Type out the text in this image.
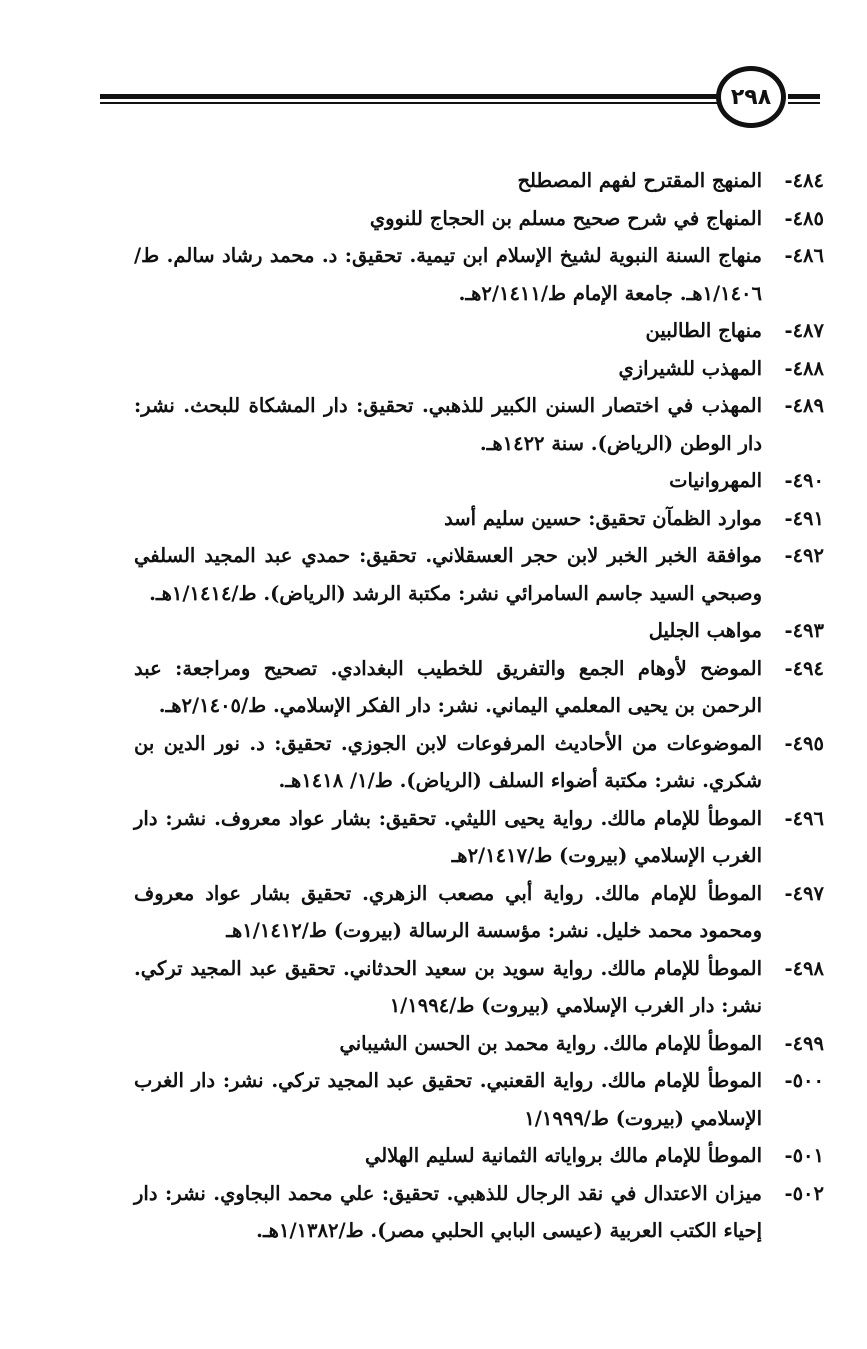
٢٩٨
٤٨٤-
المنهج المقترح لفهم المصطلح
٤٨٥-
المنهاج في شرح صحيح مسلم بن الحجاج للنووي
٤٨٦-
منهاج السنة النبوية لشيخ الإسلام ابن تيمية. تحقيق: د. محمد رشاد سالم. ط/١/١٤٠٦هـ. جامعة الإمام ط/٢/١٤١١هـ.
٤٨٧-
منهاج الطالبين
٤٨٨-
المهذب للشيرازي
٤٨٩-
المهذب في اختصار السنن الكبير للذهبي. تحقيق: دار المشكاة للبحث. نشر: دار الوطن (الرياض). سنة ١٤٢٢هـ.
٤٩٠-
المهروانيات
٤٩١-
موارد الظمآن تحقيق: حسين سليم أسد
٤٩٢-
موافقة الخبر الخبر لابن حجر العسقلاني. تحقيق: حمدي عبد المجيد السلفي وصبحي السيد جاسم السامرائي نشر: مكتبة الرشد (الرياض). ط/١/١٤١٤هـ.
٤٩٣-
مواهب الجليل
٤٩٤-
الموضح لأوهام الجمع والتفريق للخطيب البغدادي. تصحيح ومراجعة: عبد الرحمن بن يحيى المعلمي اليماني. نشر: دار الفكر الإسلامي. ط/٢/١٤٠٥هـ.
٤٩٥-
الموضوعات من الأحاديث المرفوعات لابن الجوزي. تحقيق: د. نور الدين بن شكري. نشر: مكتبة أضواء السلف (الرياض). ط/١/ ١٤١٨هـ.
٤٩٦-
الموطأ للإمام مالك. رواية يحيى الليثي. تحقيق: بشار عواد معروف. نشر: دار الغرب الإسلامي (بيروت) ط/٢/١٤١٧هـ
٤٩٧-
الموطأ للإمام مالك. رواية أبي مصعب الزهري. تحقيق بشار عواد معروف ومحمود محمد خليل. نشر: مؤسسة الرسالة (بيروت) ط/١/١٤١٢هـ
٤٩٨-
الموطأ للإمام مالك. رواية سويد بن سعيد الحدثاني. تحقيق عبد المجيد تركي. نشر: دار الغرب الإسلامي (بيروت) ط/١/١٩٩٤
٤٩٩-
الموطأ للإمام مالك. رواية محمد بن الحسن الشيباني
٥٠٠-
الموطأ للإمام مالك. رواية القعنبي. تحقيق عبد المجيد تركي. نشر: دار الغرب الإسلامي (بيروت) ط/١/١٩٩٩
٥٠١-
الموطأ للإمام مالك برواياته الثمانية لسليم الهلالي
٥٠٢-
ميزان الاعتدال في نقد الرجال للذهبي. تحقيق: علي محمد البجاوي. نشر: دار إحياء الكتب العربية (عيسى البابي الحلبي مصر). ط/١/١٣٨٢هـ.
